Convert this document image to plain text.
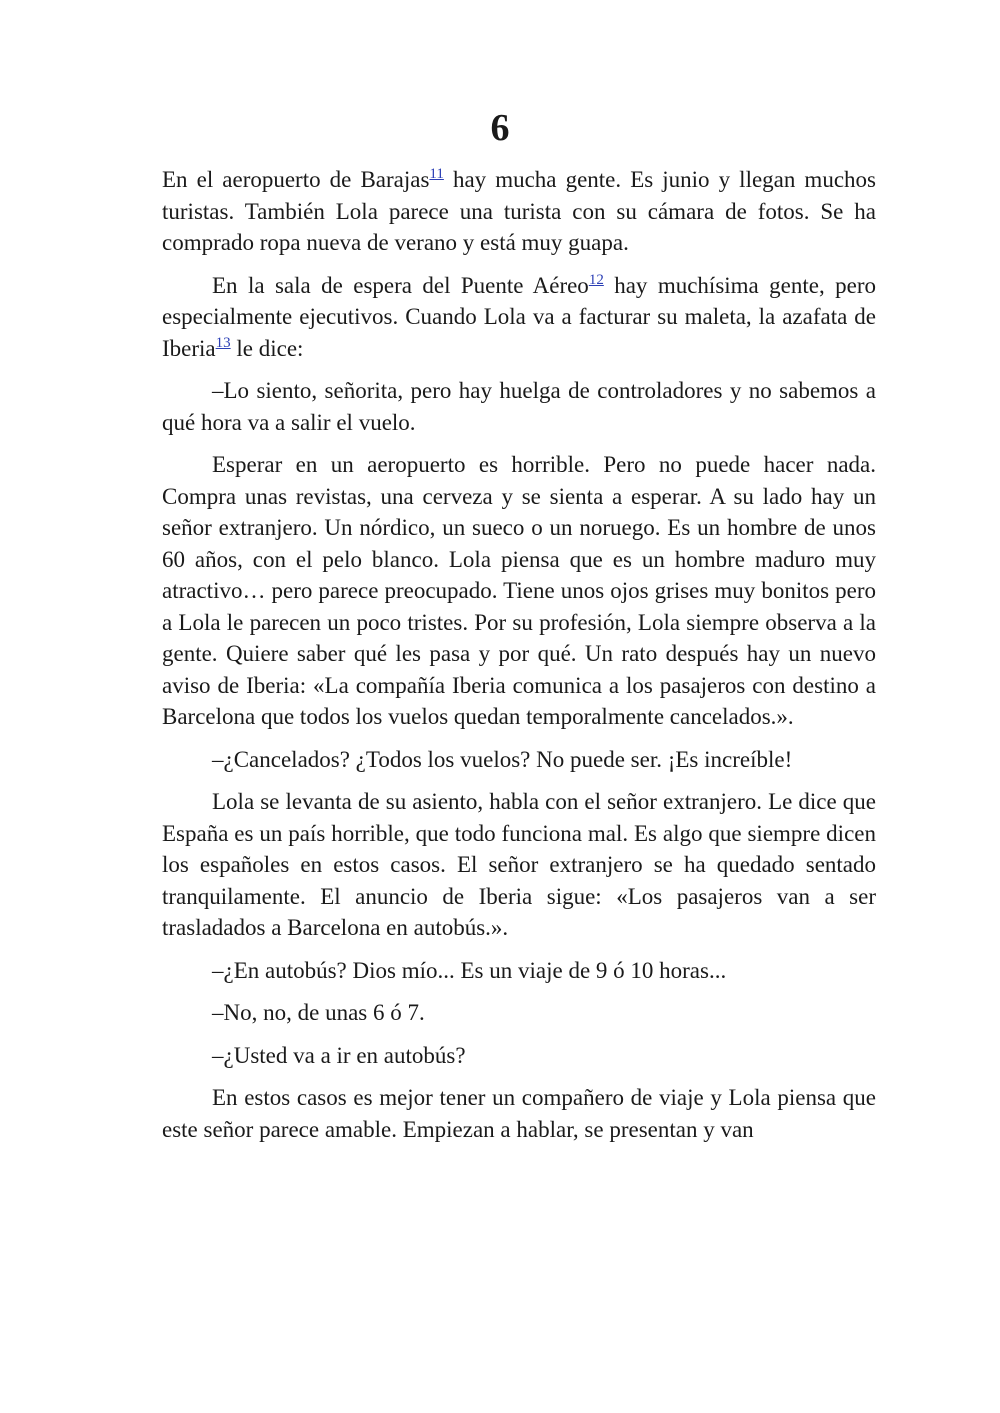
6

En el aeropuerto de Barajas$^{11}$ hay mucha gente. Es junio y llegan muchos turistas. También Lola parece una turista con su cámara de fotos. Se ha comprado ropa nueva de verano y está muy guapa.

En la sala de espera del Puente Aéreo$^{12}$ hay muchísima gente, pero especialmente ejecutivos. Cuando Lola va a facturar su maleta, la azafata de Iberia$^{13}$ le dice:

–Lo siento, señorita, pero hay huelga de controladores y no sabemos a qué hora va a salir el vuelo.

Esperar en un aeropuerto es horrible. Pero no puede hacer nada. Compra unas revistas, una cerveza y se sienta a esperar. A su lado hay un señor extranjero. Un nórdico, un sueco o un noruego. Es un hombre de unos 60 años, con el pelo blanco. Lola piensa que es un hombre maduro muy atractivo… pero parece preocupado. Tiene unos ojos grises muy bonitos pero a Lola le parecen un poco tristes. Por su profesión, Lola siempre observa a la gente. Quiere saber qué les pasa y por qué. Un rato después hay un nuevo aviso de Iberia: «La compañía Iberia comunica a los pasajeros con destino a Barcelona que todos los vuelos quedan temporalmente cancelados.».

–¿Cancelados? ¿Todos los vuelos? No puede ser. ¡Es increíble!

Lola se levanta de su asiento, habla con el señor extranjero. Le dice que España es un país horrible, que todo funciona mal. Es algo que siempre dicen los españoles en estos casos. El señor extranjero se ha quedado sentado tranquilamente. El anuncio de Iberia sigue: «Los pasajeros van a ser trasladados a Barcelona en autobús.».

–¿En autobús? Dios mío... Es un viaje de 9 ó 10 horas...

–No, no, de unas 6 ó 7.

–¿Usted va a ir en autobús?

En estos casos es mejor tener un compañero de viaje y Lola piensa que este señor parece amable. Empiezan a hablar, se presentan y van
